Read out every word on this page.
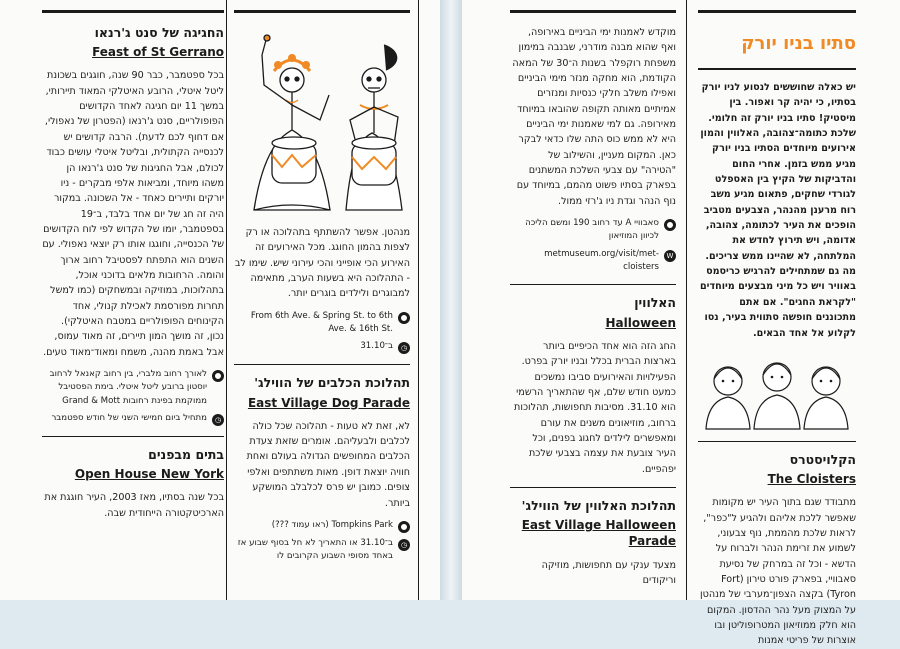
מנהטן. אפשר להשתתף בתהלוכה או רק לצפות בהמון החוגג. מכל האירועים זה האירוע הכי אופייני והכי עירוני שיש. שימו לב - התהלוכה היא בשעות הערב, מתאימה למבוגרים ולילדים בוגרים יותר.

From 6th Ave. & Spring St. to 6th Ave. & 16th St.
◷
ב־31.10
תהלוכת הכלבים של הווילג'
East Village Dog Parade

לא, זאת לא טעות - תהלוכה שכל כולה לכלבים ולבעליהם. אומרים שזאת צעדת הכלבים המחופשים הגדולה בעולם ואחת חוויה יוצאת דופן. מאות משתתפים ואלפי צופים. כמובן יש פרס לכלבלב המושקע ביותר.

Tompkins Park (ראו עמוד ???)
◷
ב־31.10 או התאריך לא חל בסוף שבוע אז באחד מסופי השבוע הקרובים לו
החגיגה של סנט ג'רנאו
Feast of St Gerrano

בכל ספטמבר, כבר 90 שנה, חוגגים בשכונת ליטל איטלי, הרובע האיטלקי המאוד תיירותי, במשך 11 יום חגיגה לאחד הקדושים הפופולריים, סנט ג'רנאו (הפטרון של נאפולי, אם דחוף לכם לדעת). הרבה קדושים יש לכנסייה הקתולית, ובליטל איטלי עושים כבוד לכולם, אבל החגיגות של סנט ג'רנאו הן משהו מיוחד, ומביאות אלפי מבקרים - ניו יורקים ותיירים כאחד - אל השכונה. במקור היה זה חג של יום אחד בלבד, ב־19 בספטמבר, יומו של הקדוש לפי לוח הקדושים של הכנסייה, וחוגגו אותו רק יוצאי נאפולי. עם השנים הוא התפתח לפסטיבל רחוב ארוך והומה. הרחובות מלאים בדוכני אוכל, בתהלוכות, במוזיקה ובמשחקים (כמו למשל תחרות מפורסמת לאכילת קנולי, אחד הקינוחים הפופולריים במטבח האיטלקי). נכון, זה מושך המון תיירים, זה מאוד עמוס, אבל באמת מהנה, משמח ומאוד־מאוד טעים.

לאורך רחוב מלברי, בין רחוב קאנאל לרחוב יוסטון ברובע ליטל איטלי. בימת הפסטיבל ממוקמת בפינת רחובות Grand & Mott
◷
מתחיל ביום חמישי השני של חודש ספטמבר
בתים מבפנים
Open House New York

בכל שנה בסתיו, מאז 2003, העיר חוגגת את הארכיטקטורה הייחודית שבה.

מוקדש לאמנות ימי הביניים באירופה, ואף שהוא מבנה מודרני, שבנבה במימון משפחת רוקפלר בשנות ה־30 של המאה הקודמת, הוא מחקה מנזר מימי הביניים ואפילו משלב חלקי כנסיות ומנזרים אמיתיים מאותה תקופה שהובאו במיוחד מאירופה. גם למי שאמנות ימי הביניים היא לא ממש כוס התה שלו כדאי לבקר כאן. המקום מעניין, והשילוב של "הטירה" עם צבעי השלכת המשתנים בפארק בסתיו פשוט מהמם, במיוחד עם נוף הנהר וגדת ניו ג'רזי ממול.

סאבוויי A עד רחוב 190 ומשם הליכה לכיוון המוזיאון
W
metmuseum.org/visit/met-cloisters
האלווין
Halloween

החג הזה הוא אחד הכיפיים ביותר בארצות הברית בכלל ובניו יורק בפרט. הפעילויות והאירועים סביבו נמשכים כמעט חודש שלם, אף שהתאריך הרשמי הוא 31.10. מסיבות תחפושות, תהלוכות ברחוב, מוזיאונים משנים את עורם ומאפשרים לילדים לחגוג בפנים, וכל העיר צובעת את עצמה בצבעי שלכת יפהפיים.

תהלוכת האלווין של הווילג'
East Village Halloween Parade

מצעד ענקי עם תחפושות, מוזיקה וריקודים

סתיו בניו יורק

יש כאלה שחוששים לנסוע לניו יורק בסתיו, כי יהיה קר ואפור. בין מיסטיק! סתיו בניו יורק זה חלומי. שלכת כתומה־צהובה, האלווין והמון אירועים מיוחדים הסתיו בניו יורק מגיע ממש בזמן. אחרי החום והדביקות של הקיץ בין האספלט לגורדי שחקים, פתאום מגיע משב רוח מרענן מהנהר, הצבעים מטביב הופכים את העיר לכתומה, צהובה, אדומה, ויש תירוץ לחדש את המלתחה, לא שהיינו ממש צריכים. מה גם שמתחילים להרגיש כריסמס באוויר ויש כל מיני מבצעים מיוחדים "לקראת החגים". אם אתם מתכוננים חופשה סתווית בעיר, נסו לקלוע אל אחד הבאים.

הקלויסטרס
The Cloisters

מתבודד שגם בתוך העיר יש מקומות שאפשר ללכת אליהם ולהגיע ל"כפר", לראות שלכת מהממת, נוף צבעוני, לשמוע את זרימת הנהר ולברוח על הדשא - וכל זה במרחק של נסיעת סאבוויי, בפארק פורט טירון (Fort Tyron) בקצה הצפון־מערבי של מנהטן על המצוק מעל נהר ההדסון. המקום הוא חלק ממוזיאון המטרופוליטן ובו אוצרות של פריטי אמנות
